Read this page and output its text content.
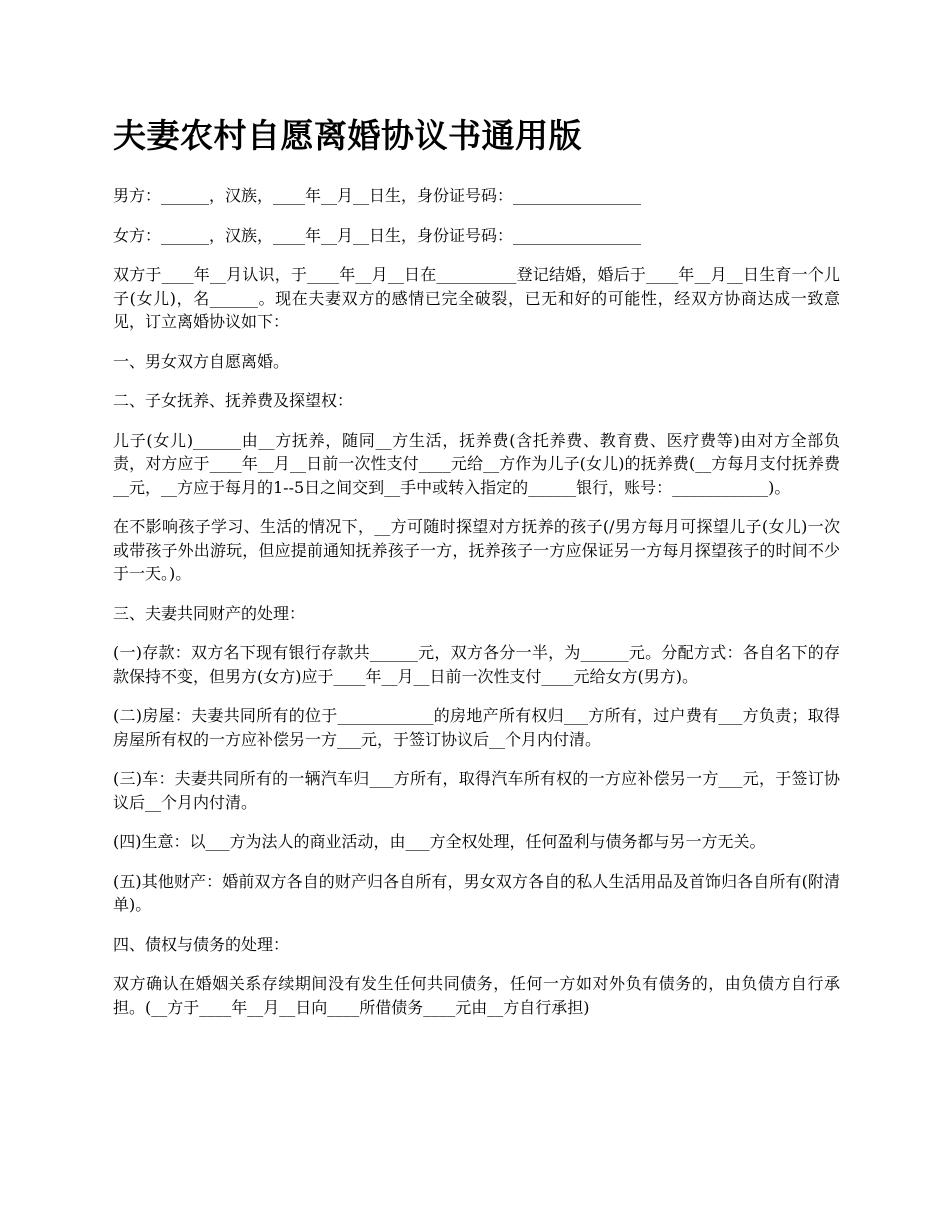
夫妻农村自愿离婚协议书通用版

男方：______，汉族，____年__月__日生，身份证号码：________________

女方：______，汉族，____年__月__日生，身份证号码：________________

双方于____年__月认识，于____年__月__日在__________登记结婚，婚后于____年__月__日生育一个儿子(女儿)，名______。现在夫妻双方的感情已完全破裂，已无和好的可能性，经双方协商达成一致意见，订立离婚协议如下：

一、男女双方自愿离婚。

二、子女抚养、抚养费及探望权：

儿子(女儿)______由__方抚养，随同__方生活，抚养费(含托养费、教育费、医疗费等)由对方全部负责，对方应于____年__月__日前一次性支付____元给__方作为儿子(女儿)的抚养费(__方每月支付抚养费__元，__方应于每月的1--5日之间交到__手中或转入指定的______银行，账号：____________)。

在不影响孩子学习、生活的情况下，__方可随时探望对方抚养的孩子(/男方每月可探望儿子(女儿)一次或带孩子外出游玩，但应提前通知抚养孩子一方，抚养孩子一方应保证另一方每月探望孩子的时间不少于一天。)。

三、夫妻共同财产的处理：

(一)存款：双方名下现有银行存款共______元，双方各分一半，为______元。分配方式：各自名下的存款保持不变，但男方(女方)应于____年__月__日前一次性支付____元给女方(男方)。

(二)房屋：夫妻共同所有的位于____________的房地产所有权归___方所有，过户费有___方负责；取得房屋所有权的一方应补偿另一方___元，于签订协议后__个月内付清。

(三)车：夫妻共同所有的一辆汽车归___方所有，取得汽车所有权的一方应补偿另一方___元，于签订协议后__个月内付清。

(四)生意：以___方为法人的商业活动，由___方全权处理，任何盈利与债务都与另一方无关。

(五)其他财产：婚前双方各自的财产归各自所有，男女双方各自的私人生活用品及首饰归各自所有(附清单)。

四、债权与债务的处理：

双方确认在婚姻关系存续期间没有发生任何共同债务，任何一方如对外负有债务的，由负债方自行承担。(__方于____年__月__日向____所借债务____元由__方自行承担)
